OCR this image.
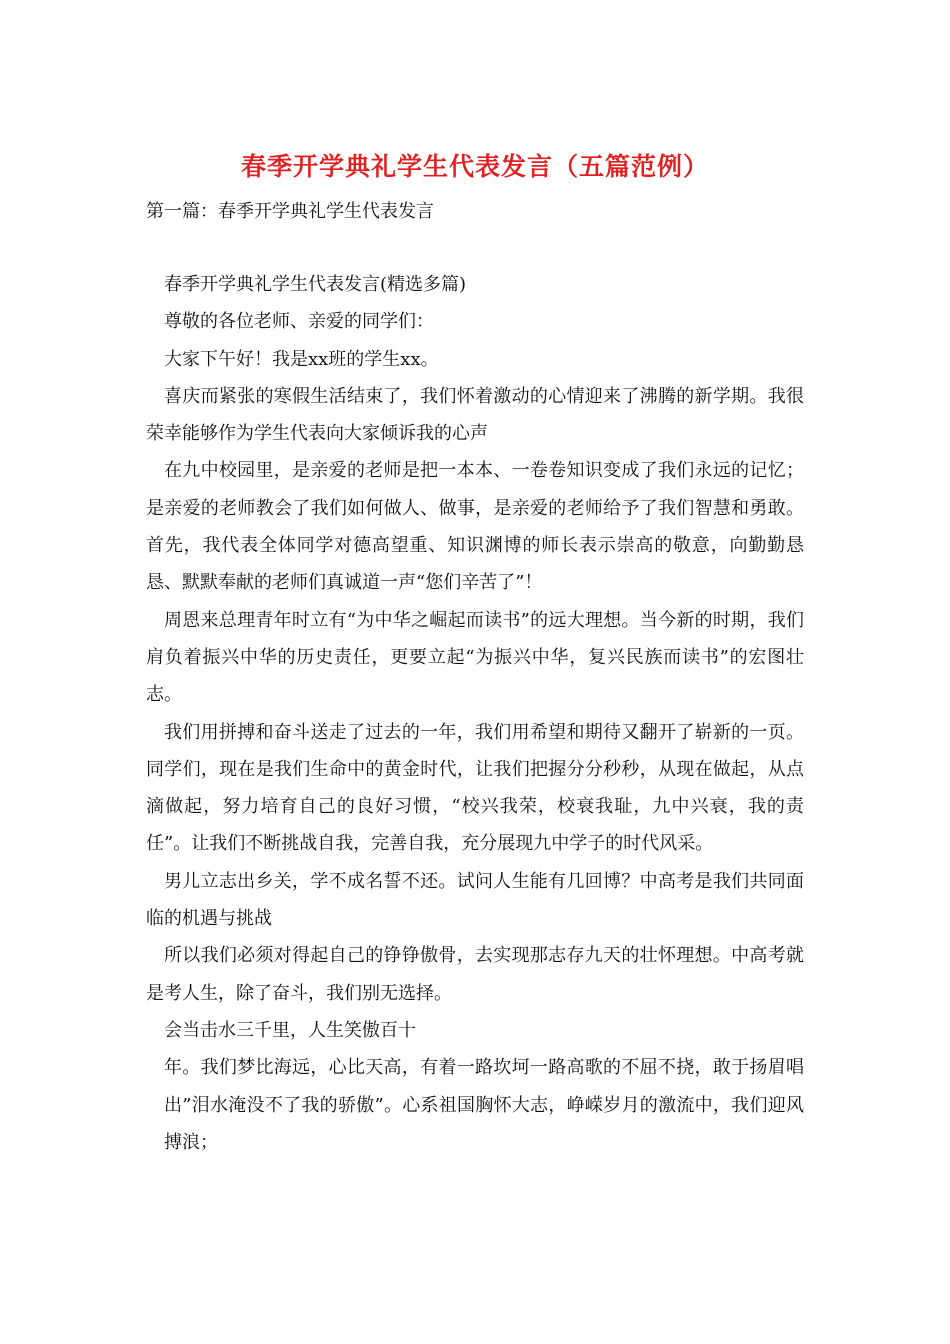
春季开学典礼学生代表发言（五篇范例）

第一篇：春季开学典礼学生代表发言

春季开学典礼学生代表发言(精选多篇)

尊敬的各位老师、亲爱的同学们：

大家下午好！我是xx班的学生xx。

喜庆而紧张的寒假生活结束了，我们怀着激动的心情迎来了沸腾的新学期。我很荣幸能够作为学生代表向大家倾诉我的心声

在九中校园里，是亲爱的老师是把一本本、一卷卷知识变成了我们永远的记忆；是亲爱的老师教会了我们如何做人、做事，是亲爱的老师给予了我们智慧和勇敢。首先，我代表全体同学对德高望重、知识渊博的师长表示崇高的敬意，向勤勤恳恳、默默奉献的老师们真诚道一声“您们辛苦了”！

周恩来总理青年时立有“为中华之崛起而读书”的远大理想。当今新的时期，我们肩负着振兴中华的历史责任，更要立起“为振兴中华，复兴民族而读书”的宏图壮志。

我们用拼搏和奋斗送走了过去的一年，我们用希望和期待又翻开了崭新的一页。同学们，现在是我们生命中的黄金时代，让我们把握分分秒秒，从现在做起，从点滴做起，努力培育自己的良好习惯，“校兴我荣，校衰我耻，九中兴衰，我的责任”。让我们不断挑战自我，完善自我，充分展现九中学子的时代风采。

男儿立志出乡关，学不成名誓不还。试问人生能有几回博？中高考是我们共同面临的机遇与挑战

所以我们必须对得起自己的铮铮傲骨，去实现那志存九天的壮怀理想。中高考就是考人生，除了奋斗，我们别无选择。

会当击水三千里，人生笑傲百十

年。我们梦比海远，心比天高，有着一路坎坷一路高歌的不屈不挠，敢于扬眉唱出”泪水淹没不了我的骄傲”。心系祖国胸怀大志，峥嵘岁月的激流中，我们迎风搏浪；
